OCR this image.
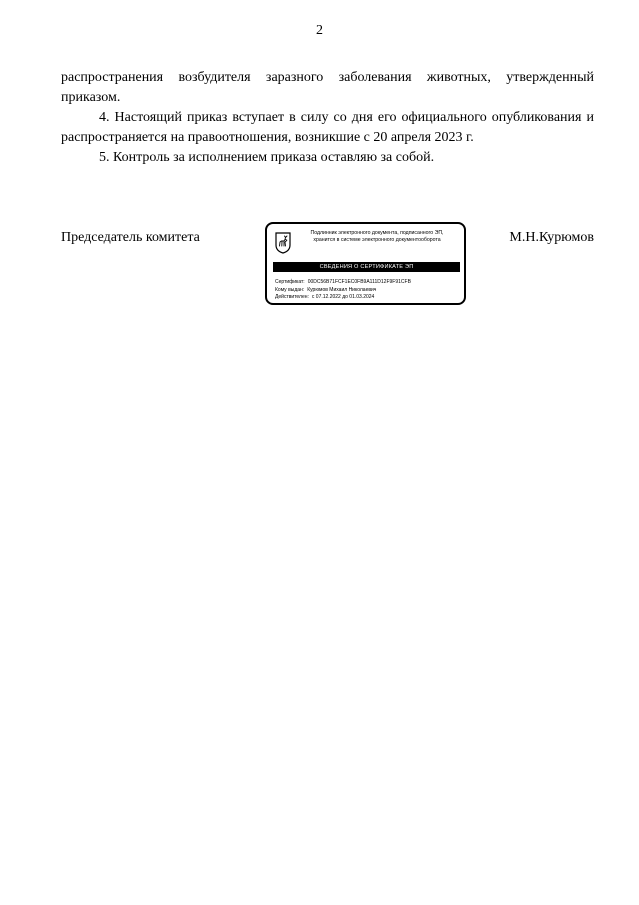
2

распространения возбудителя заразного заболевания животных, утвержденный приказом.

4. Настоящий приказ вступает в силу со дня его официального опубликования и распространяется на правоотношения, возникшие с 20 апреля 2023 г.

5. Контроль за исполнением приказа оставляю за собой.

Председатель комитета	Подлинник электронного документа, подписанного ЭП,
хранится в системе электронного документооборота
СВЕДЕНИЯ О СЕРТИФИКАТЕ ЭП
Сертификат: 00DC56B71FCF1EC0FB9A111D12F9F91CFB
Кому выдан: Курюмов Михаил Николаевич
Действителен: с 07.12.2022 до 01.03.2024
М.Н.Курюмов
